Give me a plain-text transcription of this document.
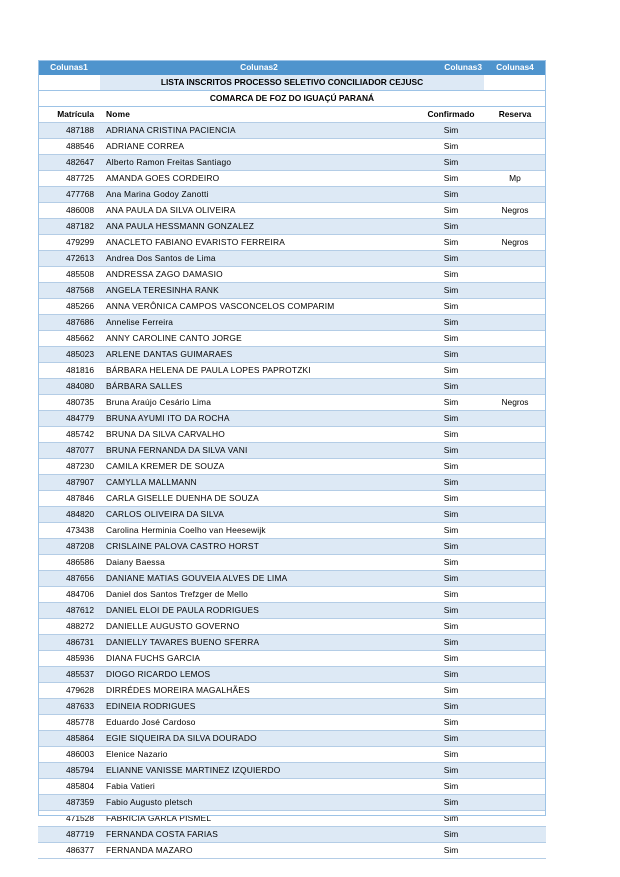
Colunas1	Colunas2	Colunas3	Colunas4
	LISTA INSCRITOS PROCESSO SELETIVO CONCILIADOR CEJUSC		
	COMARCA DE FOZ DO IGUAÇÚ PARANÁ		
Matrícula	Nome	Confirmado	Reserva
487188	ADRIANA CRISTINA PACIENCIA	Sim	
488546	ADRIANE CORREA	Sim	
482647	Alberto Ramon Freitas Santiago	Sim	
487725	AMANDA GOES CORDEIRO	Sim	Mp
477768	Ana Marina Godoy Zanotti	Sim	
486008	ANA PAULA DA SILVA OLIVEIRA	Sim	Negros
487182	ANA PAULA HESSMANN GONZALEZ	Sim	
479299	ANACLETO FABIANO EVARISTO FERREIRA	Sim	Negros
472613	Andrea Dos Santos de Lima	Sim	
485508	ANDRESSA ZAGO DAMASIO	Sim	
487568	ANGELA TERESINHA RANK	Sim	
485266	ANNA VERÔNICA CAMPOS VASCONCELOS COMPARIM	Sim	
487686	Annelise Ferreira	Sim	
485662	ANNY CAROLINE CANTO JORGE	Sim	
485023	ARLENE DANTAS GUIMARAES	Sim	
481816	BÁRBARA HELENA DE PAULA LOPES PAPROTZKI	Sim	
484080	BÁRBARA SALLES	Sim	
480735	Bruna Araújo Cesário Lima	Sim	Negros
484779	BRUNA AYUMI ITO DA ROCHA	Sim	
485742	BRUNA DA SILVA CARVALHO	Sim	
487077	BRUNA FERNANDA DA SILVA VANI	Sim	
487230	CAMILA KREMER DE SOUZA	Sim	
487907	CAMYLLA MALLMANN	Sim	
487846	CARLA GISELLE DUENHA DE SOUZA	Sim	
484820	CARLOS OLIVEIRA DA SILVA	Sim	
473438	Carolina Herminia Coelho van Heesewijk	Sim	
487208	CRISLAINE PALOVA CASTRO HORST	Sim	
486586	Daiany Baessa	Sim	
487656	DANIANE MATIAS GOUVEIA ALVES DE LIMA	Sim	
484706	Daniel dos Santos Trefzger de Mello	Sim	
487612	DANIEL ELOI DE PAULA RODRIGUES	Sim	
488272	DANIELLE AUGUSTO GOVERNO	Sim	
486731	DANIELLY TAVARES BUENO SFERRA	Sim	
485936	DIANA FUCHS GARCIA	Sim	
485537	DIOGO RICARDO LEMOS	Sim	
479628	DIRRÉDES MOREIRA MAGALHÃES	Sim	
487633	EDINEIA RODRIGUES	Sim	
485778	Eduardo José Cardoso	Sim	
485864	EGIE SIQUEIRA DA SILVA DOURADO	Sim	
486003	Elenice Nazario	Sim	
485794	ELIANNE VANISSE MARTINEZ IZQUIERDO	Sim	
485804	Fabia Vatieri	Sim	
487359	Fabio Augusto pletsch	Sim	
471528	FABRICIA GARLA PISMEL	Sim	
487719	FERNANDA COSTA FARIAS	Sim	
486377	FERNANDA MAZARO	Sim	
